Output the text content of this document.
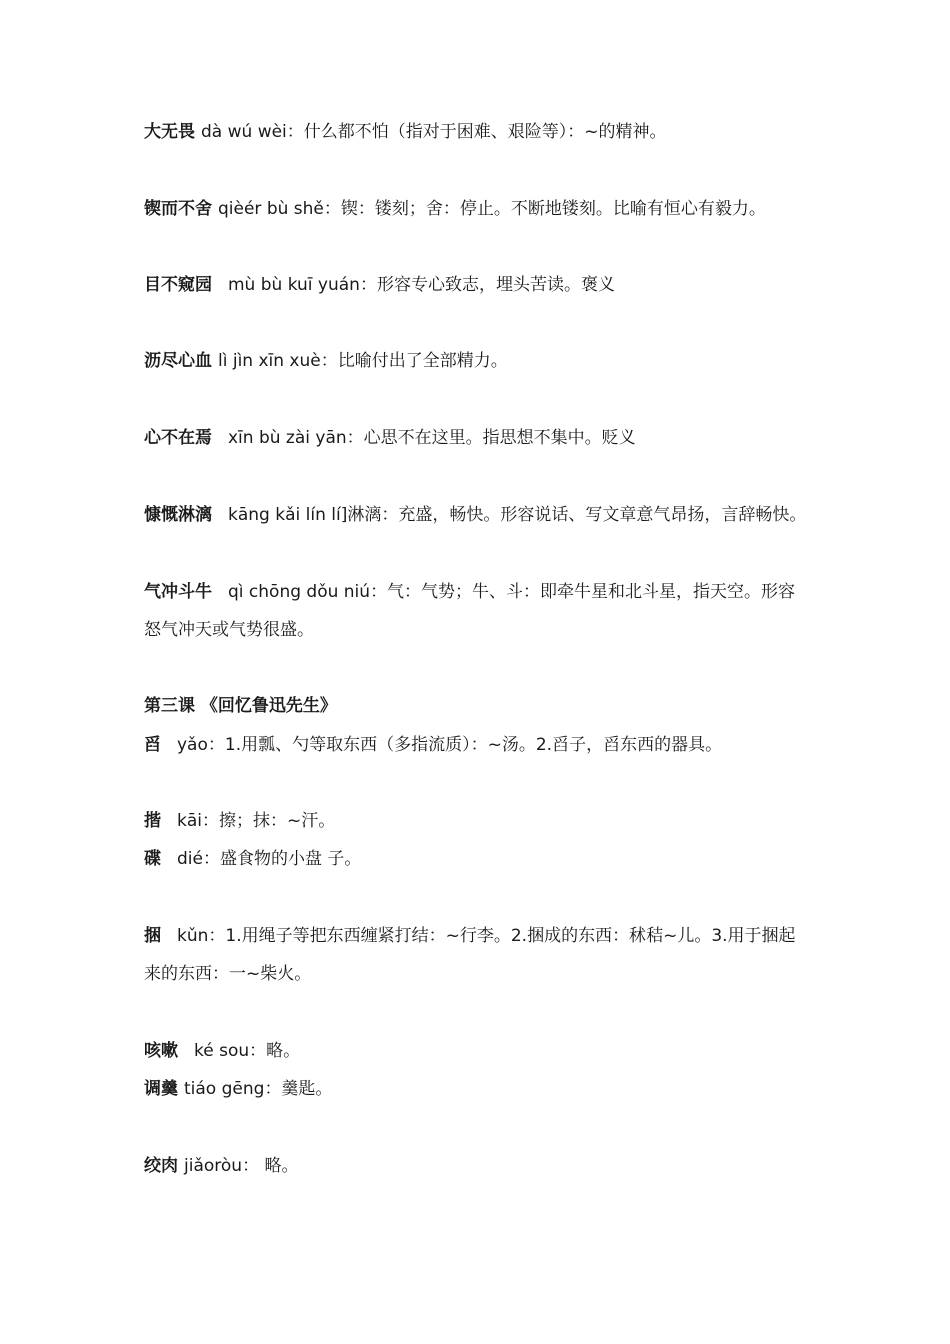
大无畏 dà wú wèi：什么都不怕（指对于困难、艰险等）：~的精神。
锲而不舍 qièér bù shě：锲：镂刻；舍：停止。不断地镂刻。比喻有恒心有毅力。
目不窥园 mù bù kuī yuán：形容专心致志，埋头苦读。褒义
沥尽心血 lì jìn xīn xuè：比喻付出了全部精力。
心不在焉 xīn bù zài yān：心思不在这里。指思想不集中。贬义
慷慨淋漓 kāng kǎi lín lí]淋漓：充盛，畅快。形容说话、写文章意气昂扬，言辞畅快。
气冲斗牛 qì chōng dǒu niú：气：气势；牛、斗：即牵牛星和北斗星，指天空。形容
怒气冲天或气势很盛。
第三课 《回忆鲁迅先生》
舀 yǎo：1.用瓢、勺等取东西（多指流质）：~汤。2.舀子，舀东西的器具。
揩 kāi：擦；抹：~汗。
碟 dié：盛食物的小盘 子。
捆 kǔn：1.用绳子等把东西缠紧打结：~行李。2.捆成的东西：秫秸~儿。3.用于捆起
来的东西：一~柴火。
咳嗽 ké sou：略。
调羹 tiáo gēng：羹匙。
绞肉 jiǎoròu： 略。
